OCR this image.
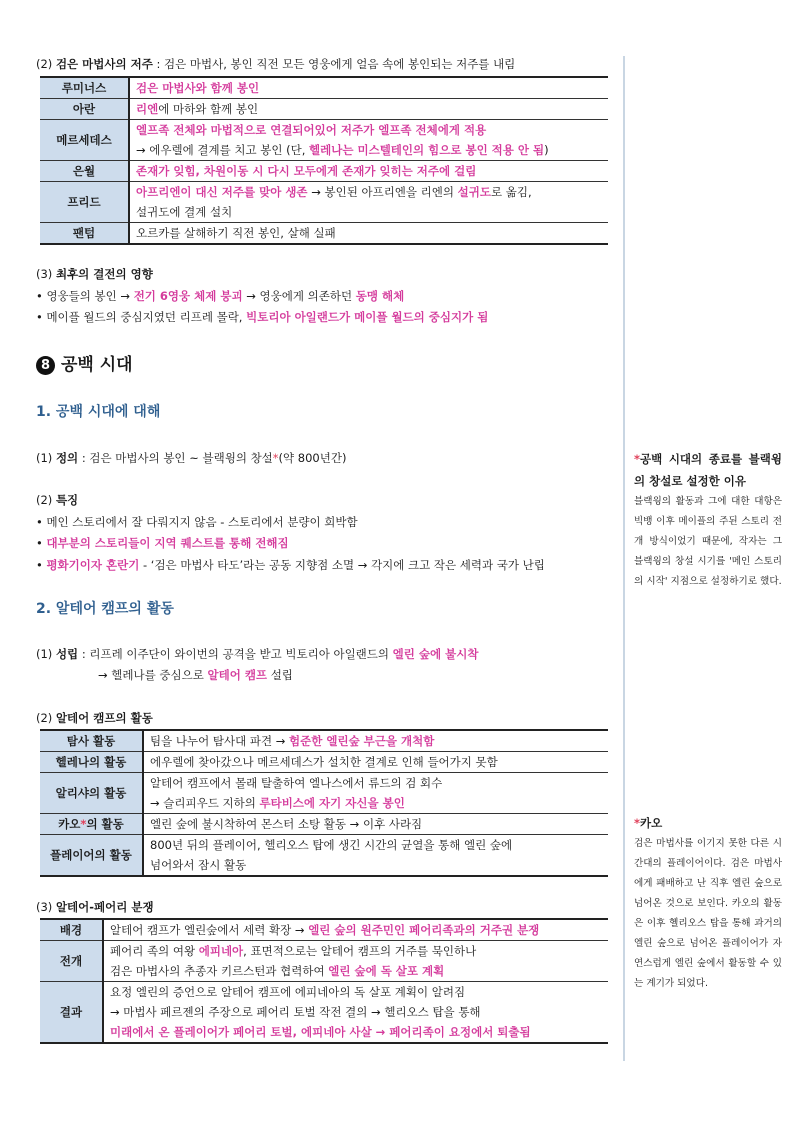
(2) 검은 마법사의 저주 : 검은 마법사, 봉인 직전 모든 영웅에게 얼음 속에 봉인되는 저주를 내림
루미너스	검은 마법사와 함께 봉인
아란	리엔에 마하와 함께 봉인
메르세데스	엘프족 전체와 마법적으로 연결되어있어 저주가 엘프족 전체에게 적용
→ 에우렐에 결계를 치고 봉인 (단, 헬레나는 미스텔테인의 힘으로 봉인 적용 안 됨)

은월	존재가 잊힘, 차원이동 시 다시 모두에게 존재가 잊히는 저주에 걸림
프리드	아프리엔이 대신 저주를 맞아 생존 → 봉인된 아프리엔을 리엔의 설귀도로 옮김,
설귀도에 결계 설치

팬텀	오르카를 살해하기 직전 봉인, 살해 실패
(3) 최후의 결전의 영향
• 영웅들의 봉인 → 전기 6영웅 체제 붕괴 → 영웅에게 의존하던 동맹 해체
• 메이플 월드의 중심지였던 리프레 몰락, 빅토리아 아일랜드가 메이플 월드의 중심지가 됨
8 공백 시대
1. 공백 시대에 대해
(1) 정의 : 검은 마법사의 봉인 ~ 블랙윙의 창설*(약 800년간)
(2) 특징
• 메인 스토리에서 잘 다뤄지지 않음 - 스토리에서 분량이 희박함
• 대부분의 스토리들이 지역 퀘스트를 통해 전해짐
• 평화기이자 혼란기 - ‘검은 마법사 타도’라는 공동 지향점 소멸 → 각지에 크고 작은 세력과 국가 난립
2. 알테어 캠프의 활동
(1) 성립 : 리프레 이주단이 와이번의 공격을 받고 빅토리아 아일랜드의 엘린 숲에 불시착
→ 헬레나를 중심으로 알테어 캠프 설립
(2) 알테어 캠프의 활동
탐사 활동	팀을 나누어 탐사대 파견 → 험준한 엘린숲 부근을 개척함
헬레나의 활동	에우렐에 찾아갔으나 메르세데스가 설치한 결계로 인해 들어가지 못함
알리샤의 활동	알테어 캠프에서 몰래 탈출하여 엘나스에서 류드의 검 회수
→ 슬리피우드 지하의 루타비스에 자기 자신을 봉인

카오*의 활동	엘린 숲에 불시착하여 몬스터 소탕 활동 → 이후 사라짐
플레이어의 활동	800년 뒤의 플레이어, 헬리오스 탑에 생긴 시간의 균열을 통해 엘린 숲에
넘어와서 잠시 활동
(3) 알테어-페어리 분쟁
배경	알테어 캠프가 엘린숲에서 세력 확장 → 엘린 숲의 원주민인 페어리족과의 거주권 분쟁
전개	페어리 족의 여왕 에피네아, 표면적으로는 알테어 캠프의 거주를 묵인하나
검은 마법사의 추종자 키르스턴과 협력하여 엘린 숲에 독 살포 계획

결과	요정 엘린의 증언으로 알테어 캠프에 에피네아의 독 살포 계획이 알려짐
→ 마법사 페르젠의 주장으로 페어리 토벌 작전 결의 → 헬리오스 탑을 통해
미래에서 온 플레이어가 페어리 토벌, 에피네아 사살 → 페어리족이 요정에서 퇴출됨
*공백 시대의 종료를 블랙윙의 창설로 설정한 이유
블랙윙의 활동과 그에 대한 대항은 빅뱅 이후 메이플의 주된 스토리 전개 방식이었기 때문에, 작자는 그 블랙윙의 창설 시기를 '메인 스토리의 시작' 지점으로 설정하기로 했다.
*카오
검은 마법사를 이기지 못한 다른 시간대의 플레이어이다. 검은 마법사에게 패배하고 난 직후 엘린 숲으로 넘어온 것으로 보인다. 카오의 활동은 이후 헬리오스 탑을 통해 과거의 엘린 숲으로 넘어온 플레이어가 자연스럽게 엘린 숲에서 활동할 수 있는 계기가 되었다.
